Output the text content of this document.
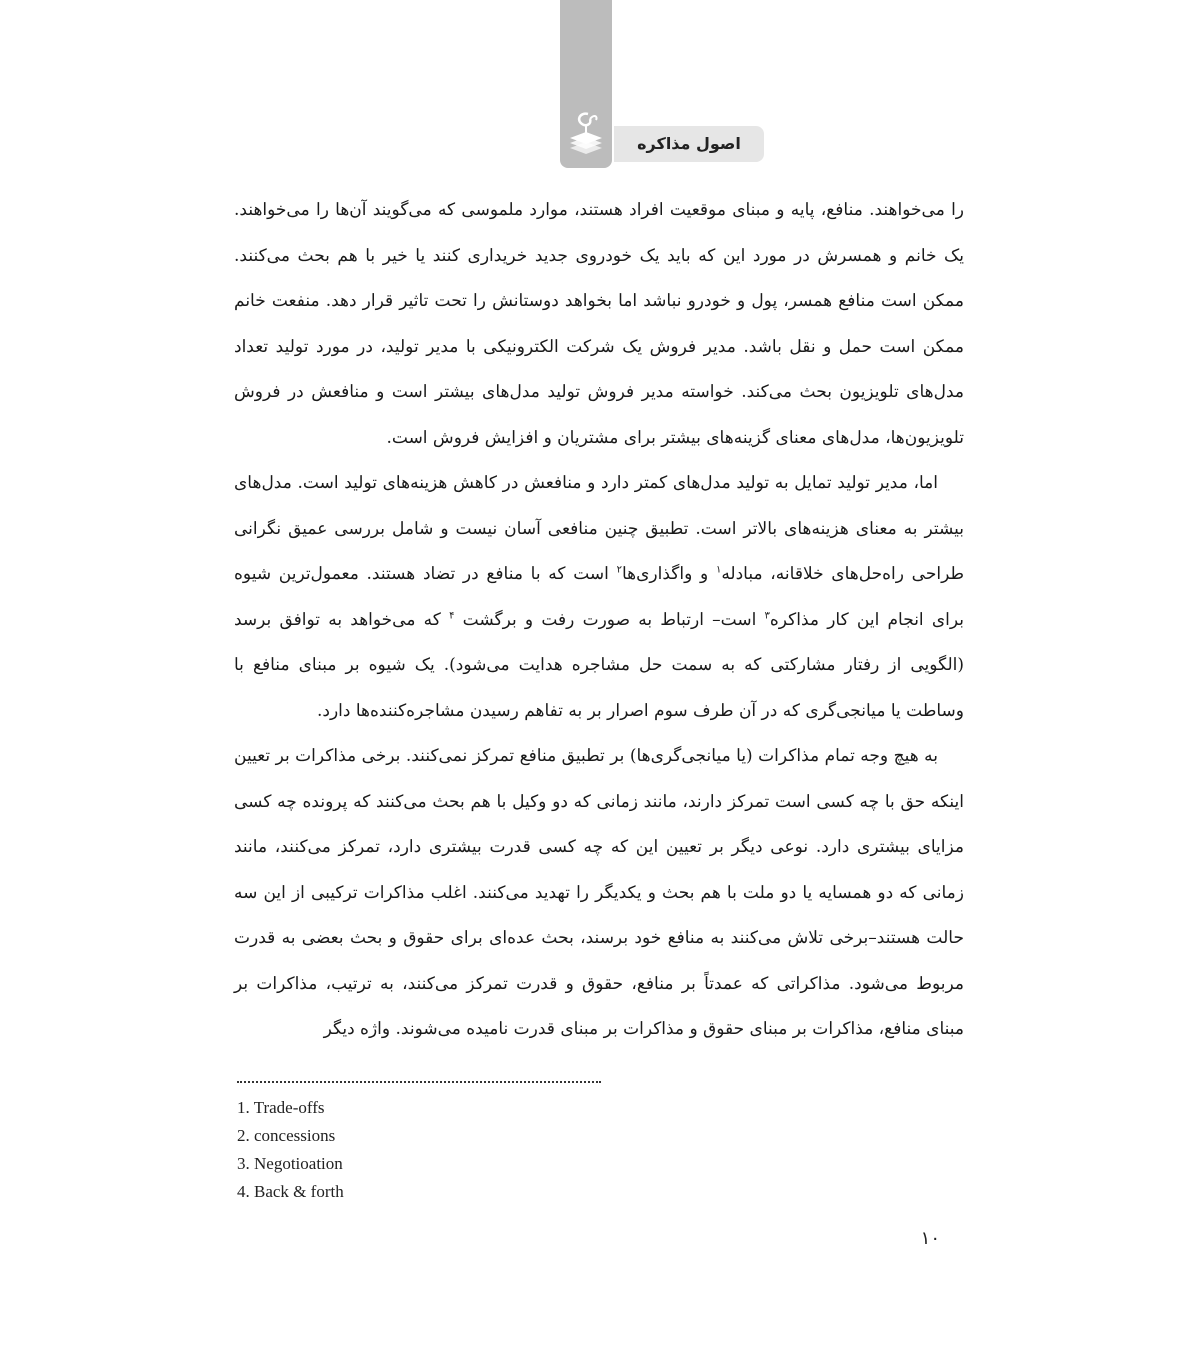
اصول مذاکره

را می‌خواهند. منافع، پایه و مبنای موقعیت افراد هستند، موارد ملموسی که می‌گویند آن‌ها را می‌خواهند. یک خانم و همسرش در مورد این که باید یک خودروی جدید خریداری کنند یا خیر با هم بحث می‌کنند. ممکن است منافع همسر، پول و خودرو نباشد اما بخواهد دوستانش را تحت تاثیر قرار دهد. منفعت خانم ممکن است حمل و نقل باشد. مدیر فروش یک شرکت الکترونیکی با مدیر تولید، در مورد تولید تعداد مدل‌های تلویزیون بحث می‌کند. خواسته مدیر فروش تولید مدل‌های بیشتر است و منافعش در فروش تلویزیون‌ها، مدل‌های معنای گزینه‌های بیشتر برای مشتریان و افزایش فروش است.

اما، مدیر تولید تمایل به تولید مدل‌های کمتر دارد و منافعش در کاهش هزینه‌های تولید است. مدل‌های بیشتر به معنای هزینه‌های بالاتر است. تطبیق چنین منافعی آسان نیست و شامل بررسی عمیق نگرانی طراحی راه‌حل‌های خلاقانه، مبادله$^۱$ و واگذاری‌ها$^۲$ است که با منافع در تضاد هستند. معمول‌ترین شیوه برای انجام این کار مذاکره$^۳$ است– ارتباط به صورت رفت و برگشت $^۴$ که می‌خواهد به توافق برسد (الگویی از رفتار مشارکتی که به سمت حل مشاجره هدایت می‌شود). یک شیوه بر مبنای منافع با وساطت یا میانجی‌گری که در آن طرف سوم اصرار بر به تفاهم رسیدن مشاجره‌کننده‌ها دارد.

به هیچ وجه تمام مذاکرات (یا میانجی‌گری‌ها) بر تطبیق منافع تمرکز نمی‌کنند. برخی مذاکرات بر تعیین اینکه حق با چه کسی است تمرکز دارند، مانند زمانی که دو وکیل با هم بحث می‌کنند که پرونده چه کسی مزایای بیشتری دارد. نوعی دیگر بر تعیین این که چه کسی قدرت بیشتری دارد، تمرکز می‌کنند، مانند زمانی که دو همسایه یا دو ملت با هم بحث و یکدیگر را تهدید می‌کنند. اغلب مذاکرات ترکیبی از این سه حالت هستند–برخی تلاش می‌کنند به منافع خود برسند، بحث عده‌ای برای حقوق و بحث بعضی به قدرت مربوط می‌شود. مذاکراتی که عمدتاً بر منافع، حقوق و قدرت تمرکز می‌کنند، به ترتیب، مذاکرات بر مبنای منافع، مذاکرات بر مبنای حقوق و مذاکرات بر مبنای قدرت نامیده می‌شوند. واژه دیگر

1. Trade-offs
2. concessions
3. Negotioation
4. Back & forth
۱۰
